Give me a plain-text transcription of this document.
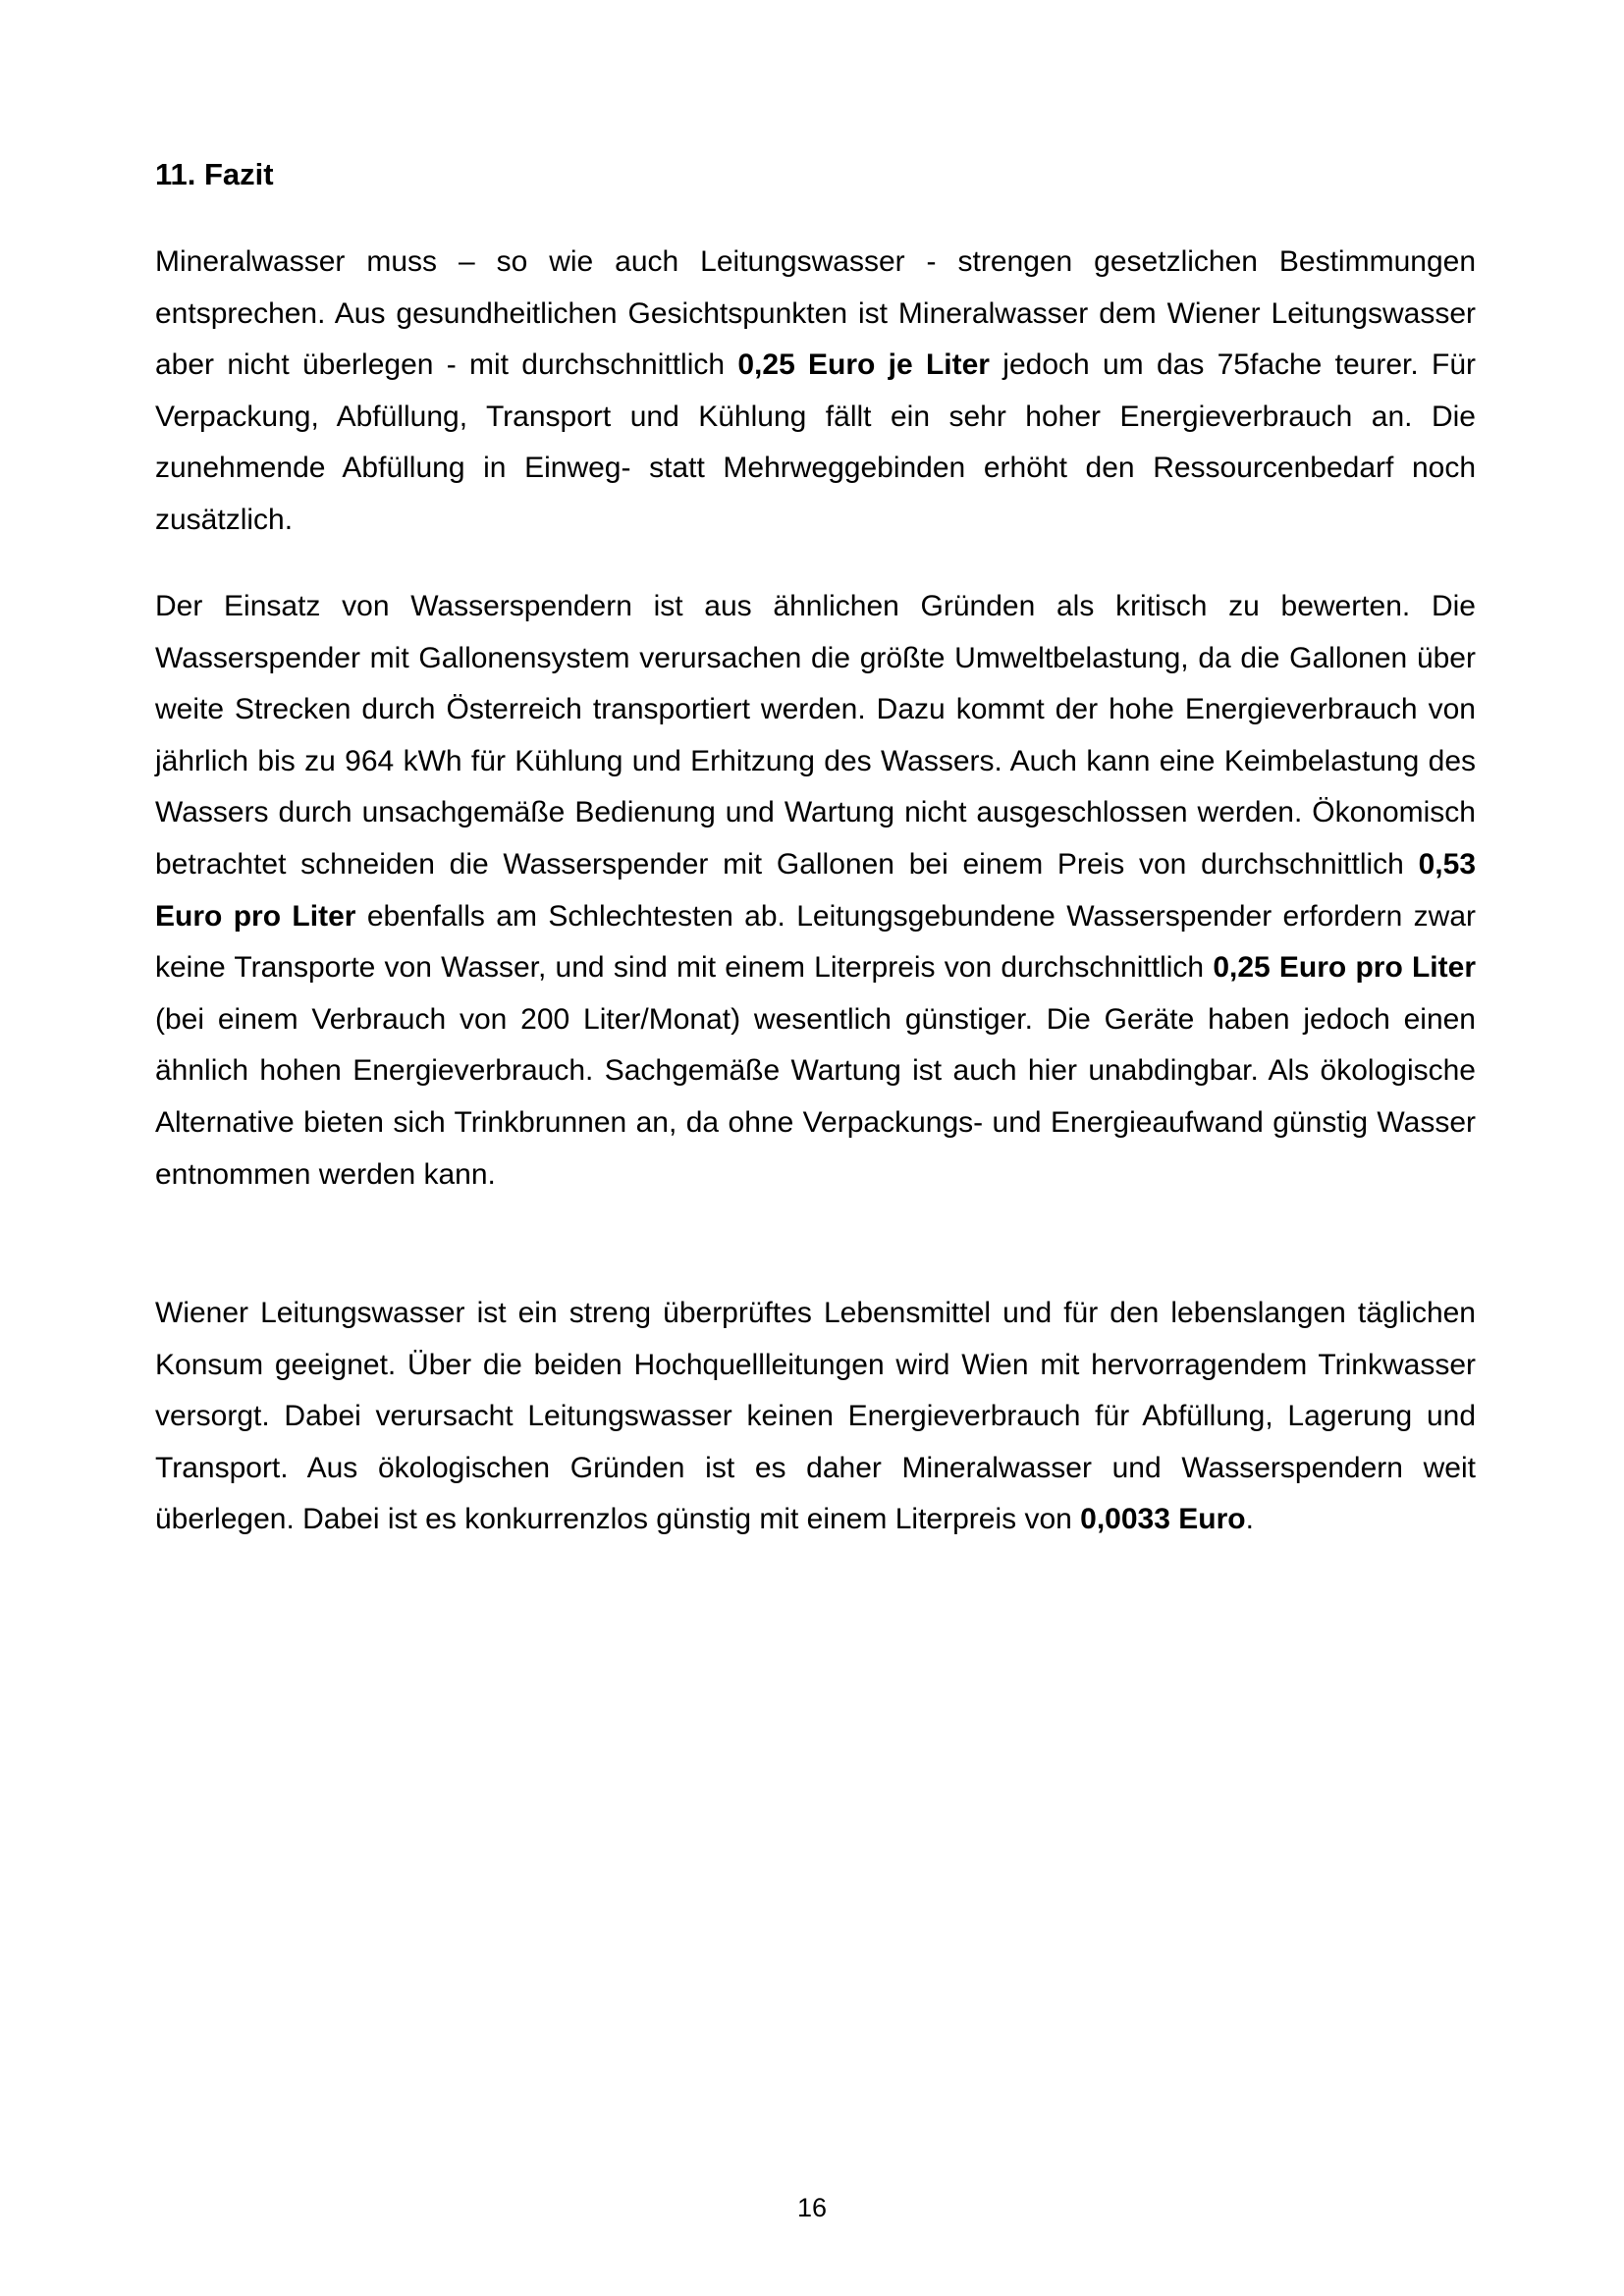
11. Fazit

Mineralwasser muss – so wie auch Leitungswasser - strengen gesetzlichen Bestimmungen entsprechen. Aus gesundheitlichen Gesichtspunkten ist Mineralwasser dem Wiener Leitungswasser aber nicht überlegen - mit durchschnittlich 0,25 Euro je Liter jedoch um das 75fache teurer. Für Verpackung, Abfüllung, Transport und Kühlung fällt ein sehr hoher Energieverbrauch an. Die zunehmende Abfüllung in Einweg- statt Mehrweggebinden erhöht den Ressourcenbedarf noch zusätzlich.

Der Einsatz von Wasserspendern ist aus ähnlichen Gründen als kritisch zu bewerten. Die Wasserspender mit Gallonensystem verursachen die größte Umweltbelastung, da die Gallonen über weite Strecken durch Österreich transportiert werden. Dazu kommt der hohe Energieverbrauch von jährlich bis zu 964 kWh für Kühlung und Erhitzung des Wassers. Auch kann eine Keimbelastung des Wassers durch unsachgemäße Bedienung und Wartung nicht ausgeschlossen werden. Ökonomisch betrachtet schneiden die Wasserspender mit Gallonen bei einem Preis von durchschnittlich 0,53 Euro pro Liter ebenfalls am Schlechtesten ab. Leitungsgebundene Wasserspender erfordern zwar keine Transporte von Wasser, und sind mit einem Literpreis von durchschnittlich 0,25 Euro pro Liter (bei einem Verbrauch von 200 Liter/Monat) wesentlich günstiger. Die Geräte haben jedoch einen ähnlich hohen Energieverbrauch. Sachgemäße Wartung ist auch hier unabdingbar. Als ökologische Alternative bieten sich Trinkbrunnen an, da ohne Verpackungs- und Energieaufwand günstig Wasser entnommen werden kann.

Wiener Leitungswasser ist ein streng überprüftes Lebensmittel und für den lebenslangen täglichen Konsum geeignet. Über die beiden Hochquellleitungen wird Wien mit hervorragendem Trinkwasser versorgt. Dabei verursacht Leitungswasser keinen Energieverbrauch für Abfüllung, Lagerung und Transport. Aus ökologischen Gründen ist es daher Mineralwasser und Wasserspendern weit überlegen. Dabei ist es konkurrenzlos günstig mit einem Literpreis von 0,0033 Euro.

16
